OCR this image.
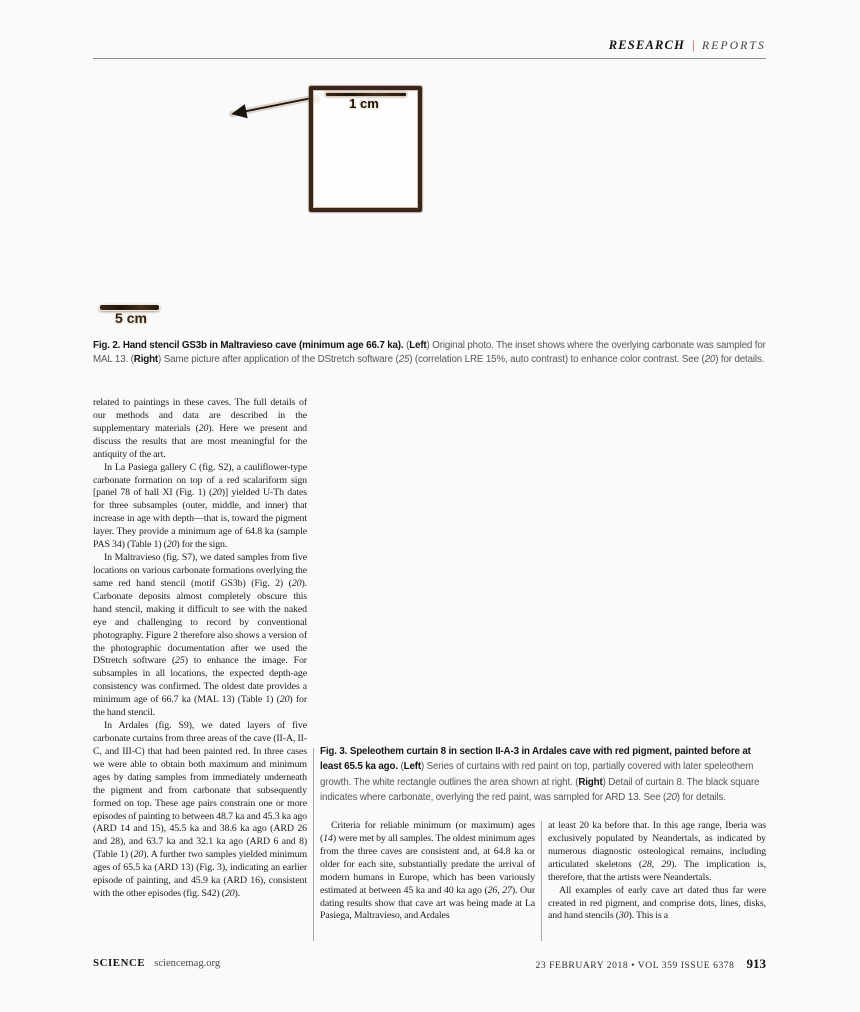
RESEARCH | REPORTS
1 cm
5 cm

Fig. 2. Hand stencil GS3b in Maltravieso cave (minimum age 66.7 ka). (Left) Original photo. The inset shows where the overlying carbonate was sampled for MAL 13. (Right) Same picture after application of the DStretch software (25) (correlation LRE 15%, auto contrast) to enhance color contrast. See (20) for details.

related to paintings in these caves. The full details of our methods and data are described in the supplementary materials (20). Here we present and discuss the results that are most meaningful for the antiquity of the art.

In La Pasiega gallery C (fig. S2), a cauliflower-type carbonate formation on top of a red scalariform sign [panel 78 of hall XI (Fig. 1) (20)] yielded U-Th dates for three subsamples (outer, middle, and inner) that increase in age with depth—that is, toward the pigment layer. They provide a minimum age of 64.8 ka (sample PAS 34) (Table 1) (20) for the sign.

In Maltravieso (fig. S7), we dated samples from five locations on various carbonate formations overlying the same red hand stencil (motif GS3b) (Fig. 2) (20). Carbonate deposits almost completely obscure this hand stencil, making it difficult to see with the naked eye and challenging to record by conventional photography. Figure 2 therefore also shows a version of the photographic documentation after we used the DStretch software (25) to enhance the image. For subsamples in all locations, the expected depth-age consistency was confirmed. The oldest date provides a minimum age of 66.7 ka (MAL 13) (Table 1) (20) for the hand stencil.

In Ardales (fig. S9), we dated layers of five carbonate curtains from three areas of the cave (II-A, II-C, and III-C) that had been painted red. In three cases we were able to obtain both maximum and minimum ages by dating samples from immediately underneath the pigment and from carbonate that subsequently formed on top. These age pairs constrain one or more episodes of painting to between 48.7 ka and 45.3 ka ago (ARD 14 and 15), 45.5 ka and 38.6 ka ago (ARD 26 and 28), and 63.7 ka and 32.1 ka ago (ARD 6 and 8) (Table 1) (20). A further two samples yielded minimum ages of 65.5 ka (ARD 13) (Fig. 3), indicating an earlier episode of painting, and 45.9 ka (ARD 16), consistent with the other episodes (fig. S42) (20).

Fig. 3. Speleothem curtain 8 in section II-A-3 in Ardales cave with red pigment, painted before at least 65.5 ka ago. (Left) Series of curtains with red paint on top, partially covered with later speleothem growth. The white rectangle outlines the area shown at right. (Right) Detail of curtain 8. The black square indicates where carbonate, overlying the red paint, was sampled for ARD 13. See (20) for details.

Criteria for reliable minimum (or maximum) ages (14) were met by all samples. The oldest minimum ages from the three caves are consistent and, at 64.8 ka or older for each site, substantially predate the arrival of modern humans in Europe, which has been variously estimated at between 45 ka and 40 ka ago (26, 27). Our dating results show that cave art was being made at La Pasiega, Maltravieso, and Ardales

at least 20 ka before that. In this age range, Iberia was exclusively populated by Neandertals, as indicated by numerous diagnostic osteological remains, including articulated skeletons (28, 29). The implication is, therefore, that the artists were Neandertals.

All examples of early cave art dated thus far were created in red pigment, and comprise dots, lines, disks, and hand stencils (30). This is a

SCIENCE sciencemag.org	23 FEBRUARY 2018 • VOL 359 ISSUE 6378 913
